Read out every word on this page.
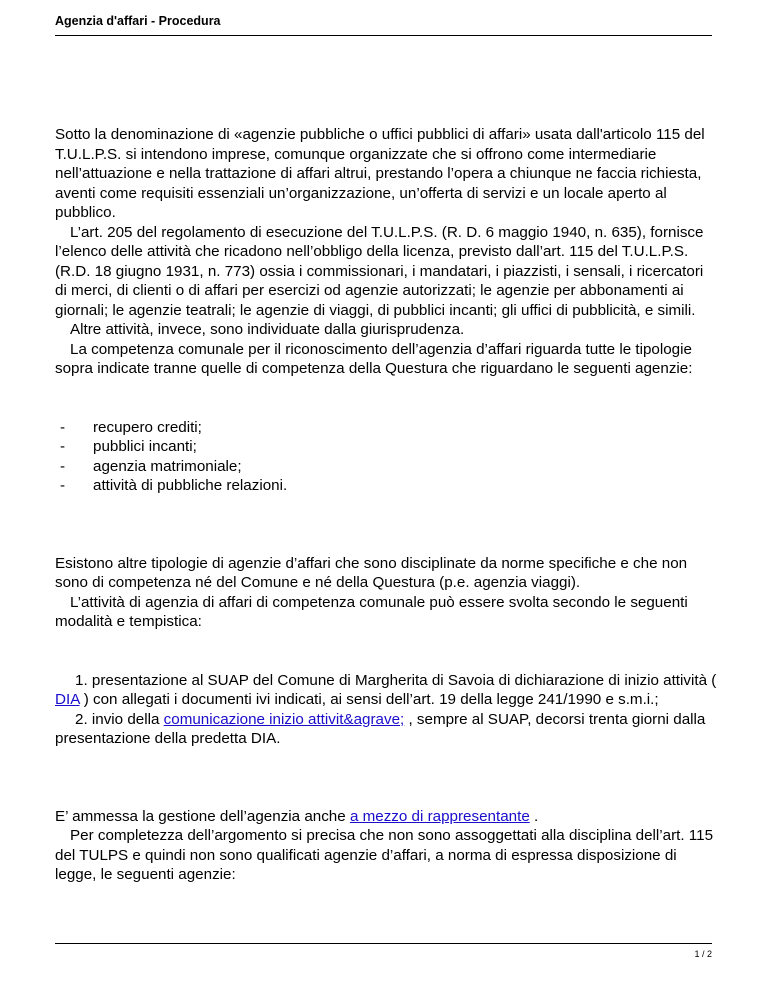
Agenzia d'affari - Procedura

Sotto la denominazione di «agenzie pubbliche o uffici pubblici di affari» usata dall'articolo 115 del T.U.L.P.S. si intendono imprese, comunque organizzate che si offrono come intermediarie nell’attuazione e nella trattazione di affari altrui, prestando l’opera a chiunque ne faccia richiesta, aventi come requisiti essenziali un’organizzazione, un’offerta di servizi e un locale aperto al pubblico.

L’art. 205 del regolamento di esecuzione del T.U.L.P.S. (R. D. 6 maggio 1940, n. 635), fornisce l’elenco delle attività che ricadono nell’obbligo della licenza, previsto dall’art. 115 del T.U.L.P.S. (R.D. 18 giugno 1931, n. 773) ossia i commissionari, i mandatari, i piazzisti, i sensali, i ricercatori di merci, di clienti o di affari per esercizi od agenzie autorizzati; le agenzie per abbonamenti ai giornali; le agenzie teatrali; le agenzie di viaggi, di pubblici incanti; gli uffici di pubblicità, e simili.

Altre attività, invece, sono individuate dalla giurisprudenza.

La competenza comunale per il riconoscimento dell’agenzia d’affari riguarda tutte le tipologie sopra indicate tranne quelle di competenza della Questura che riguardano le seguenti agenzie:

- recupero crediti;
- pubblici incanti;
- agenzia matrimoniale;
- attività di pubbliche relazioni.

Esistono altre tipologie di agenzie d’affari che sono disciplinate da norme specifiche e che non sono di competenza né del Comune e né della Questura (p.e. agenzia viaggi).

L’attività di agenzia di affari di competenza comunale può essere svolta secondo le seguenti modalità e tempistica:

1. presentazione al SUAP del Comune di Margherita di Savoia di dichiarazione di inizio attività ( DIA ) con allegati i documenti ivi indicati, ai sensi dell’art. 19 della legge 241/1990 e s.m.i.;

2. invio della comunicazione inizio attivit&agrave; , sempre al SUAP, decorsi trenta giorni dalla presentazione della predetta DIA.

E’ ammessa la gestione dell’agenzia anche a mezzo di rappresentante .

Per completezza dell’argomento si precisa che non sono assoggettati alla disciplina dell’art. 115 del TULPS e quindi non sono qualificati agenzie d’affari, a norma di espressa disposizione di legge, le seguenti agenzie:

1 / 2
